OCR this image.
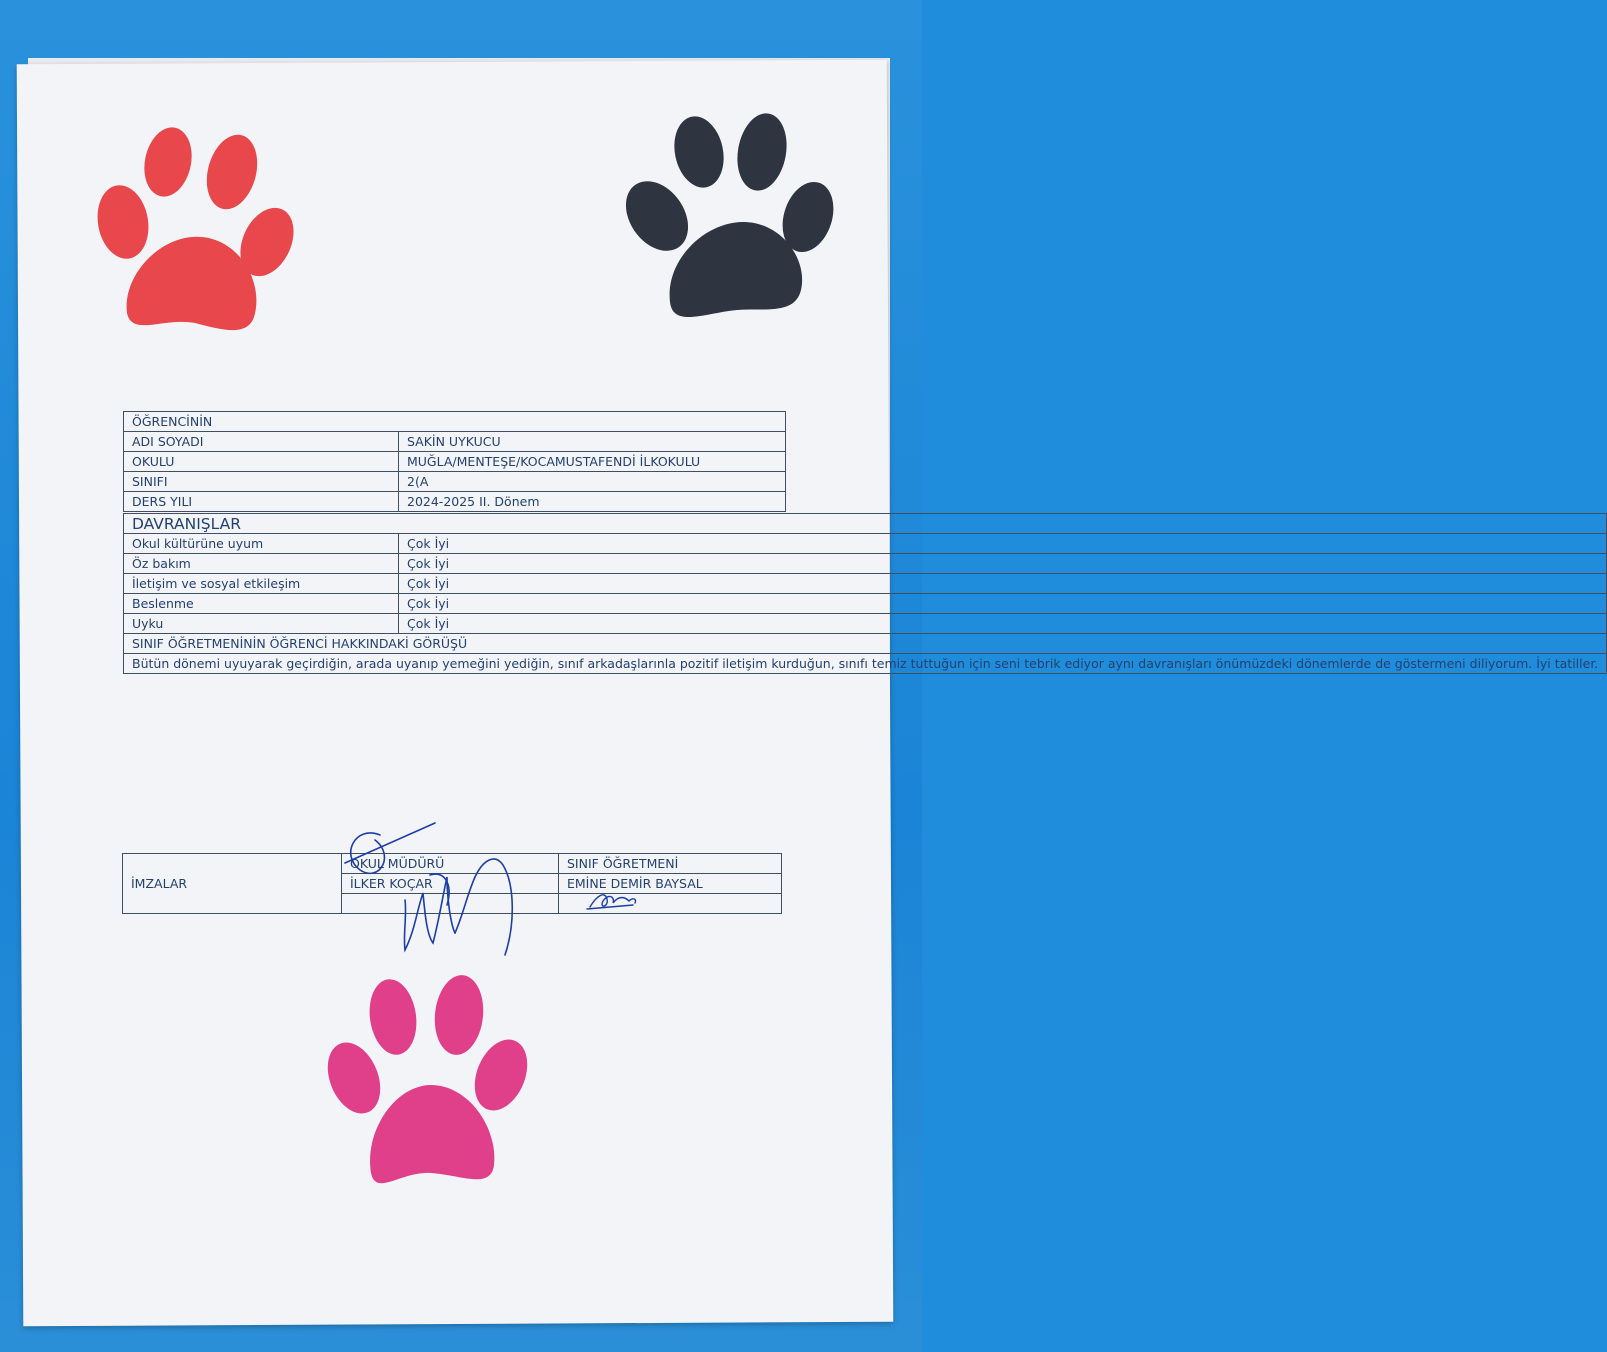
ÖĞRENCİNİN	
ADI SOYADI	SAKİN UYKUCU
OKULU	MUĞLA/MENTEŞE/KOCAMUSTAFENDİ İLKOKULU
SINIFI	2(A
DERS YILI	2024-2025 II. Dönem
DAVRANIŞLAR	
Okul kültürüne uyum	Çok İyi
Öz bakım	Çok İyi
İletişim ve sosyal etkileşim	Çok İyi
Beslenme	Çok İyi
Uyku	Çok İyi
SINIF ÖĞRETMENİNİN ÖĞRENCİ HAKKINDAKİ GÖRÜŞÜ	
Bütün dönemi uyuyarak geçirdiğin, arada uyanıp yemeğini yediğin, sınıf arkadaşlarınla pozitif iletişim kurduğun, sınıfı temiz tuttuğun için seni tebrik ediyor aynı davranışları önümüzdeki dönemlerde de göstermeni diliyorum. İyi tatiller.	
İMZALAR	OKUL MÜDÜRÜ	SINIF ÖĞRETMENİ
	İLKER KOÇAR	EMİNE DEMİR BAYSAL
